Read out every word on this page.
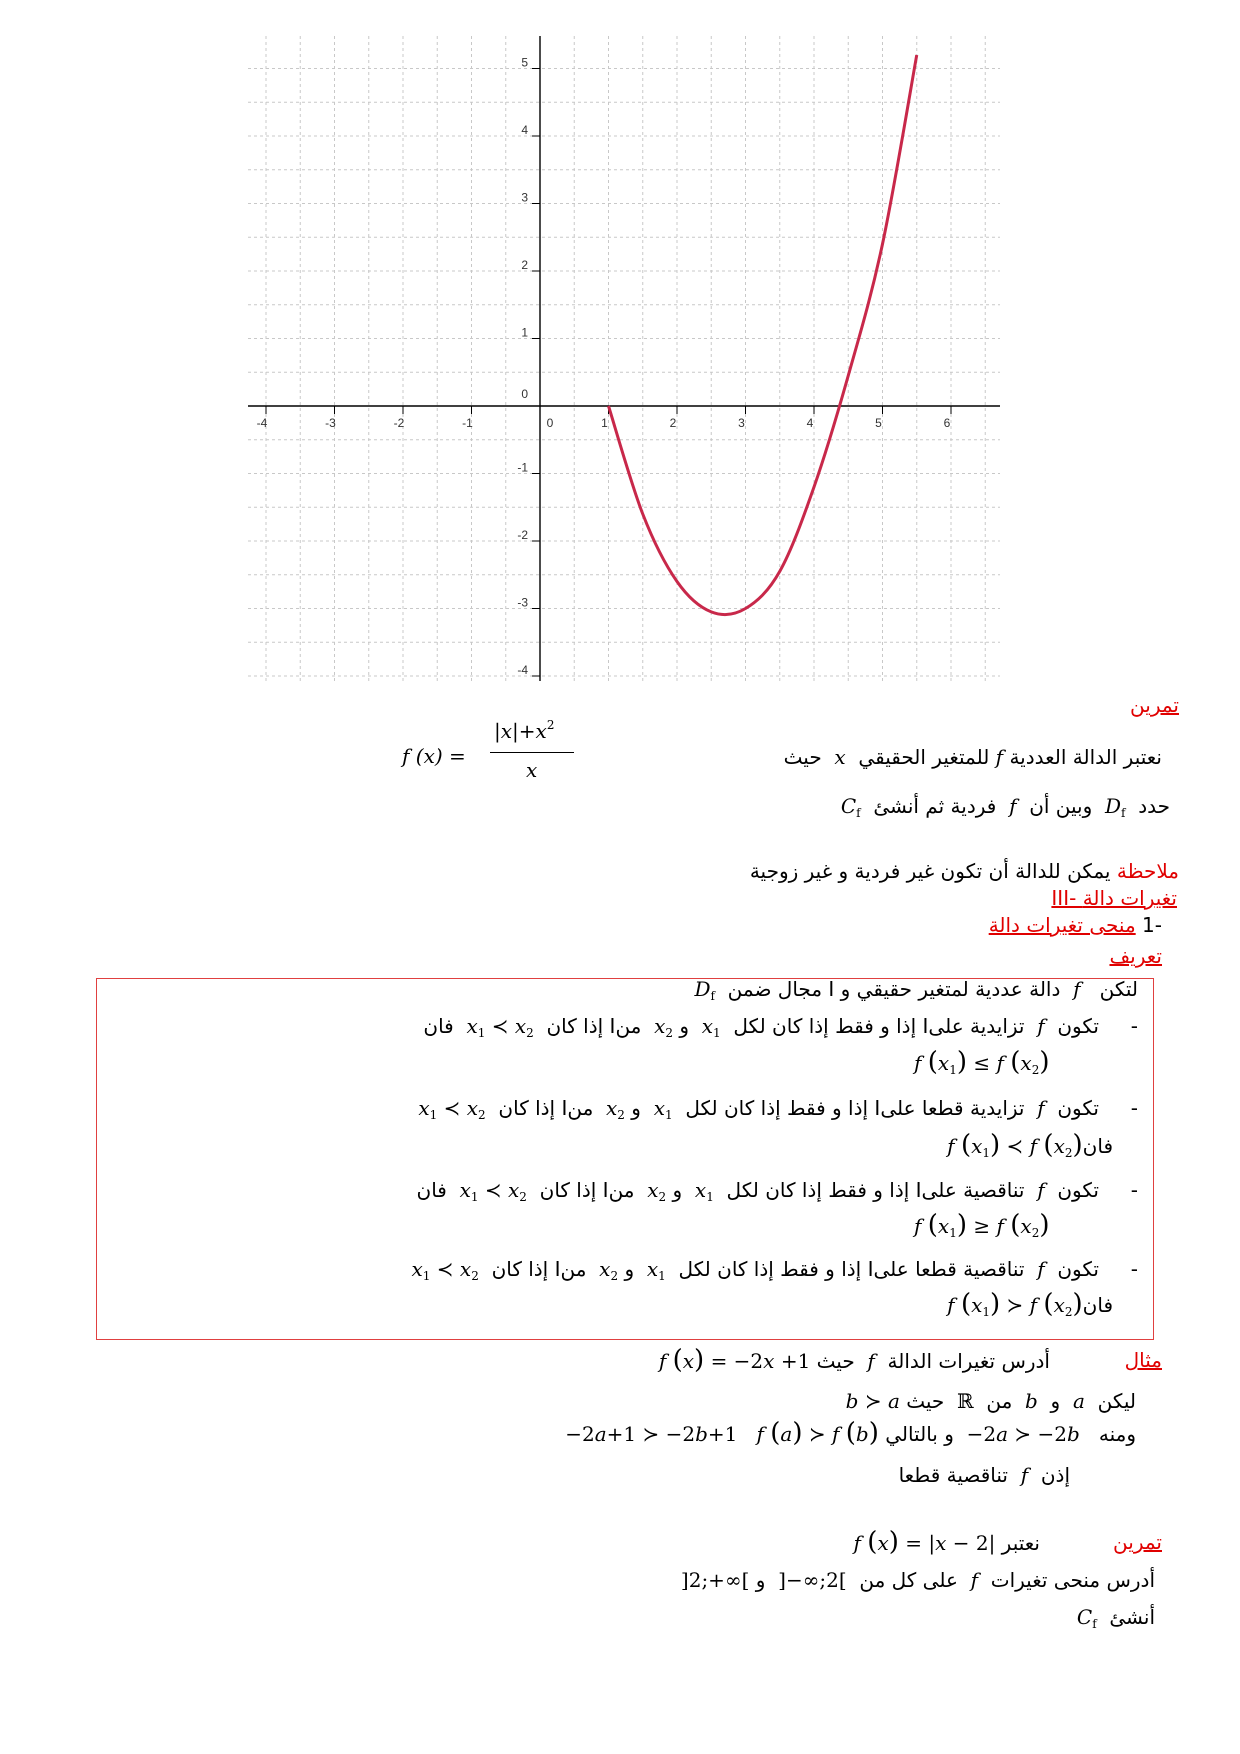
-4	-3	-2	-1	0	1	2	3	4	5	6
5
4
3
2
1
0
-1
-2
-3
-4
تمرين
نعتبر الدالة العددية f للمتغير الحقيقي  x  حيث
f (x) =
$|x|+x^2$
x
حدد  $D_f$  وبين أن  f  فردية ثم أنشئ  $C_f$
ملاحظة يمكن للدالة أن تكون غير فردية و غير زوجية
III- تغيرات دالة
-1 منحى تغيرات دالة
تعريف
لتكن   f  دالة عددية لمتغير حقيقي و I مجال ضمن  $D_f$
-     تكون  f  تزايدية علىI إذا و فقط إذا كان لكل  $x_1$  و $x_2$  منI إذا كان  $x_1$ ≺ $x_2$  فان
f $(x_1) \le f$ $(x_2)$
-     تكون  f  تزايدية قطعا علىI إذا و فقط إذا كان لكل  $x_1$  و $x_2$  منI إذا كان  $x_1$ ≺ $x_2$
فانf $(x_1)$ ≺ f $(x_2)$
-     تكون  f  تناقصية علىI إذا و فقط إذا كان لكل  $x_1$  و $x_2$  منI إذا كان  $x_1$ ≺ $x_2$  فان
f $(x_1) \ge f$ $(x_2)$
-     تكون  f  تناقصية قطعا علىI إذا و فقط إذا كان لكل  $x_1$  و $x_2$  منI إذا كان  $x_1$ ≺ $x_2$
فانf $(x_1)$ ≻ f $(x_2)$
مثال
أدرس تغيرات الدالة  f  حيث   f (x) = −2x +1
ليكن  a  و  b  من  ℝ  حيث  b ≻ a
ومنه  −2a ≻ −2b   و بالتالي  −2a+1 ≻ −2b+1   f (a) ≻ f (b)
إذن  f  تناقصية قطعا
تمرين
نعتبر   f (x) = |x − 2|
أدرس منحى تغيرات  f  على كل من  ]−∞;2[  و  ]2;+∞[
أنشئ  $C_f$
